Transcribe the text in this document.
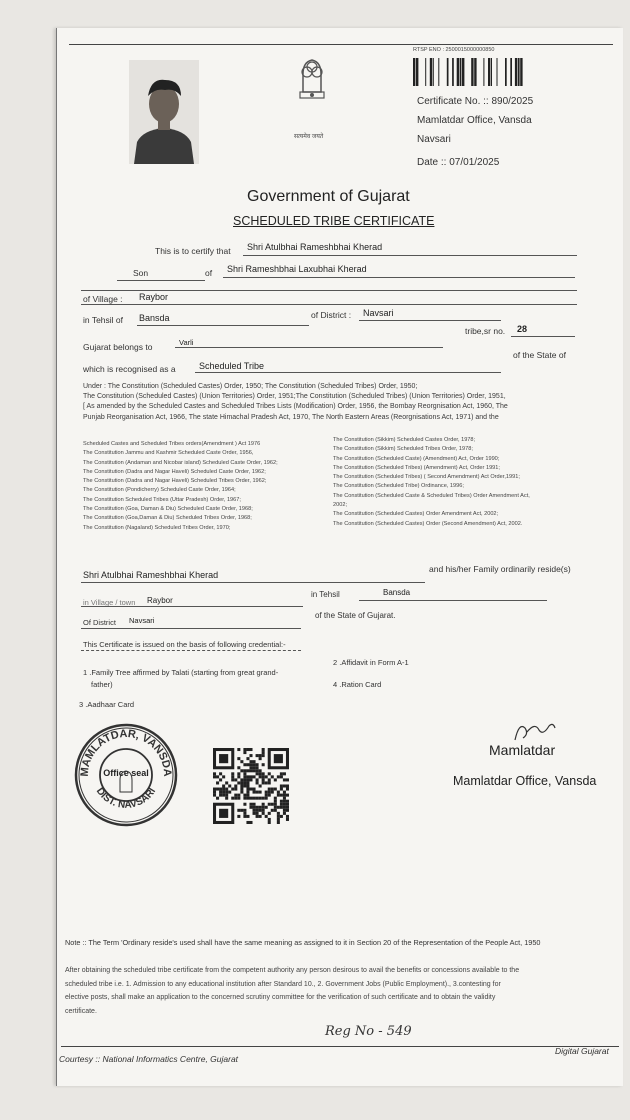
सत्यमेव जयते
RTSP ENO : 2500015000000850
Certificate No. :: 890/2025
Mamlatdar Office, Vansda
Navsari
Date :: 07/01/2025
Government of Gujarat
SCHEDULED TRIBE CERTIFICATE
This is to certify that Shri Atulbhai Rameshbhai Kherad
Son	of Shri Rameshbhai Laxubhai Kherad
of Village : Raybor
in Tehsil of Bansda	of District : Navsari
tribe,sr no. 28
Gujarat belongs to	Varli
which is recognised as a	Scheduled Tribe
of the State of
Under : The Constitution (Scheduled Castes) Order, 1950; The Constitution (Scheduled Tribes) Order, 1950;
The Constitution (Scheduled Castes) (Union Territories) Order, 1951;The Constitution (Scheduled Tribes) (Union Territories) Order, 1951,
[ As amended by the Scheduled Castes and Scheduled Tribes Lists (Modification) Order, 1956, the Bombay Reorgnisation Act, 1960, The
Punjab Reorganisation Act, 1966, The state Himachal Pradesh Act, 1970, The North Eastern Areas (Reorgnisations Act, 1971) and the
Scheduled Castes and Scheduled Tribes orders(Amendment ) Act 1976
The Constitution Jammu and Kashmir Scheduled Caste Order, 1956,
The Constitution (Andaman and Nicobar island) Scheduled Caste Order, 1962;
The Constitution (Dadra and Nagar Haveli) Scheduled Caste Order, 1962;
The Constitution (Dadra and Nagar Haveli) Scheduled Tribes Order, 1962;
The Constitution (Pondicherry) Scheduled Caste Order, 1964;
The Constitution Scheduled Tribes (Uttar Pradesh) Order, 1967;
The Constitution (Goa, Daman & Diu) Scheduled Caste Order, 1968;
The Constitution (Goa,Daman & Diu) Scheduled Tribes Order, 1968;
The Constitution (Nagaland) Scheduled Tribes Order, 1970;
The Constitution (Sikkim) Scheduled Castes Order, 1978;
The Constitution (Sikkim) Scheduled Tribes Order, 1978;
The Constitution (Scheduled Caste) (Amendment) Act, Order 1990;
The Constitution (Scheduled Tribes) (Amendment) Act, Order 1991;
The Constitution (Scheduled Tribes) ( Second Amendment) Act Order,1991;
The Constitution (Scheduled Tribe) Ordinance, 1996;
The Constitution (Scheduled Caste & Scheduled Tribes) Order Amendment Act,
2002;
The Constitution (Scheduled Castes) Order Amendment Act, 2002;
The Constitution (Scheduled Castes) Order (Second Amendment) Act, 2002.
Shri Atulbhai Rameshbhai Kherad
and his/her Family ordinarily reside(s)
in Village / town Raybor
in Tehsil	Bansda
Of District Navsari
of the State of Gujarat.
This Certificate is issued on the basis of following credential:-
1 .Family Tree affirmed by Talati (starting from great grand-
father)
2 .Affidavit in Form A-1
4 .Ration Card
3 .Aadhaar Card
MAMLATDAR, VANSDA
DIST. NAVSARI
Office seal
Mamlatdar
Mamlatdar Office, Vansda
Note :: The Term 'Ordinary reside's used shall have the same meaning as assigned to it in Section 20 of the Representation of the People Act, 1950
After obtaining the scheduled tribe certificate from the competent authority any person desirous to avail the benefits or concessions available to the
scheduled tribe i.e. 1. Admission to any educational institution after Standard 10., 2. Government Jobs (Public Employment)., 3.contesting for
elective posts, shall make an application to the concerned scrutiny committee for the verification of such certificate and to obtain the validity
certificate.
Reg No - 549
Courtesy :: National Informatics Centre, Gujarat
Digital Gujarat
